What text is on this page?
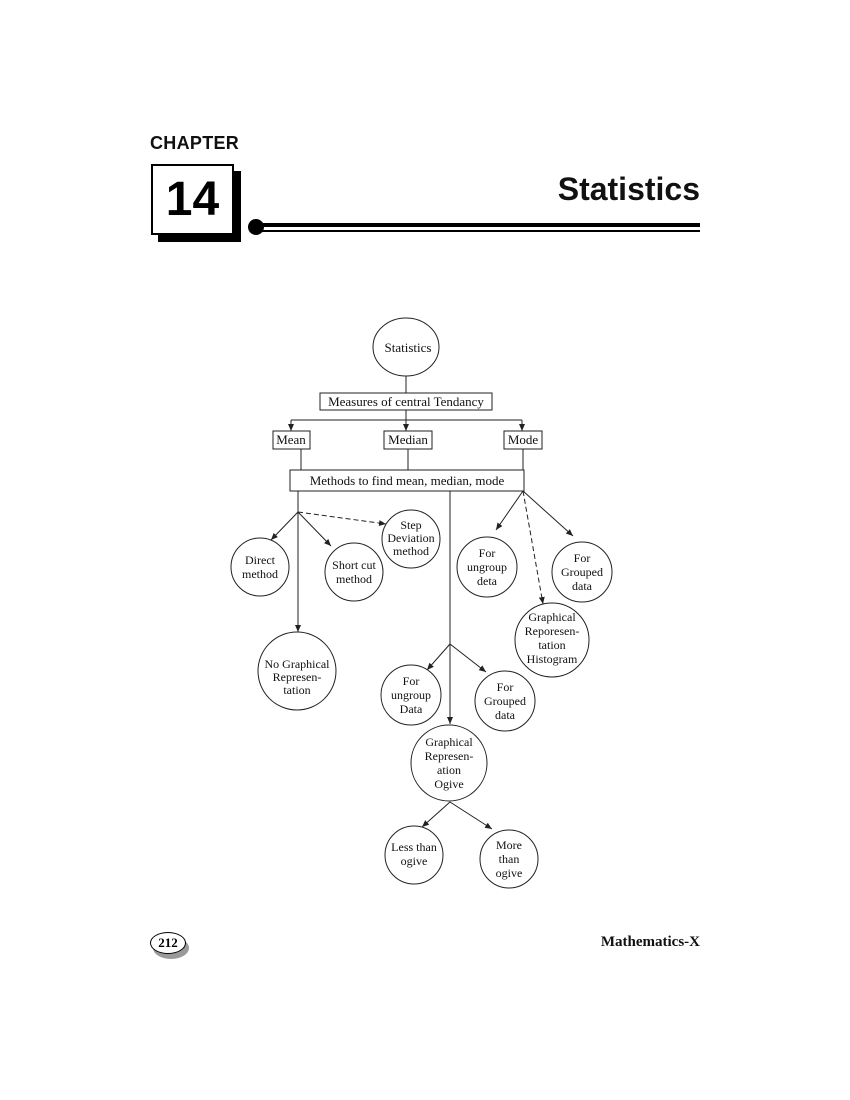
CHAPTER
14	Statistics
Statistics
Measures of central Tendancy
Mean	Median	Mode
Methods to find mean, median, mode
Direct
method
Short cut
method
Step
Deviation
method
No Graphical
Represen-
tation
For
ungroup
deta
For
Grouped
data
Graphical
Reporesen-
tation
Histogram
For
ungroup
Data
For
Grouped
data
Graphical
Represen-
ation
Ogive
Less than
ogive
More
than
ogive
212	Mathematics-X
